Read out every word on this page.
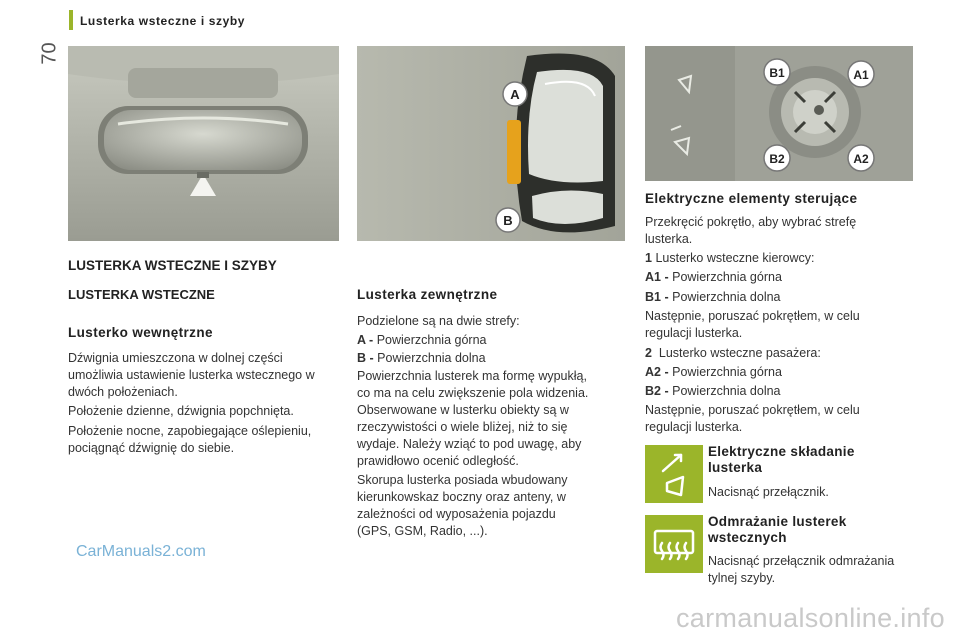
70
Lusterka wsteczne i szyby
A
B
B1	A1
B2	A2
LUSTERKA WSTECZNE I SZYBY
LUSTERKA WSTECZNE
Lusterko wewnętrzne
Dźwignia umieszczona w dolnej części
umożliwia ustawienie lusterka wstecznego w
dwóch położeniach.
Położenie dzienne, dźwignia popchnięta.
Położenie nocne, zapobiegające oślepieniu,
pociągnąć dźwignię do siebie.
Lusterka zewnętrzne
Podzielone są na dwie strefy:
A - Powierzchnia górna
B - Powierzchnia dolna
Powierzchnia lusterek ma formę wypukłą,
co ma na celu zwiększenie pola widzenia.
Obserwowane w lusterku obiekty są w
rzeczywistości o wiele bliżej, niż to się
wydaje. Należy wziąć to pod uwagę, aby
prawidłowo ocenić odległość.
Skorupa lusterka posiada wbudowany
kierunkowskaz boczny oraz anteny, w
zależności od wyposażenia pojazdu
(GPS, GSM, Radio, ...).
Elektryczne elementy sterujące
Przekręcić pokrętło, aby wybrać strefę
lusterka.
1 Lusterko wsteczne kierowcy:
A1 - Powierzchnia górna
B1 - Powierzchnia dolna
Następnie, poruszać pokrętłem, w celu
regulacji lusterka.
2 Lusterko wsteczne pasażera:
A2 - Powierzchnia górna
B2 - Powierzchnia dolna
Następnie, poruszać pokrętłem, w celu
regulacji lusterka.
Elektryczne składanie
lusterka
Nacisnąć przełącznik.
Odmrażanie lusterek
wstecznych
Nacisnąć przełącznik odmrażania
tylnej szyby.
CarManuals2.com
carmanualsonline.info
